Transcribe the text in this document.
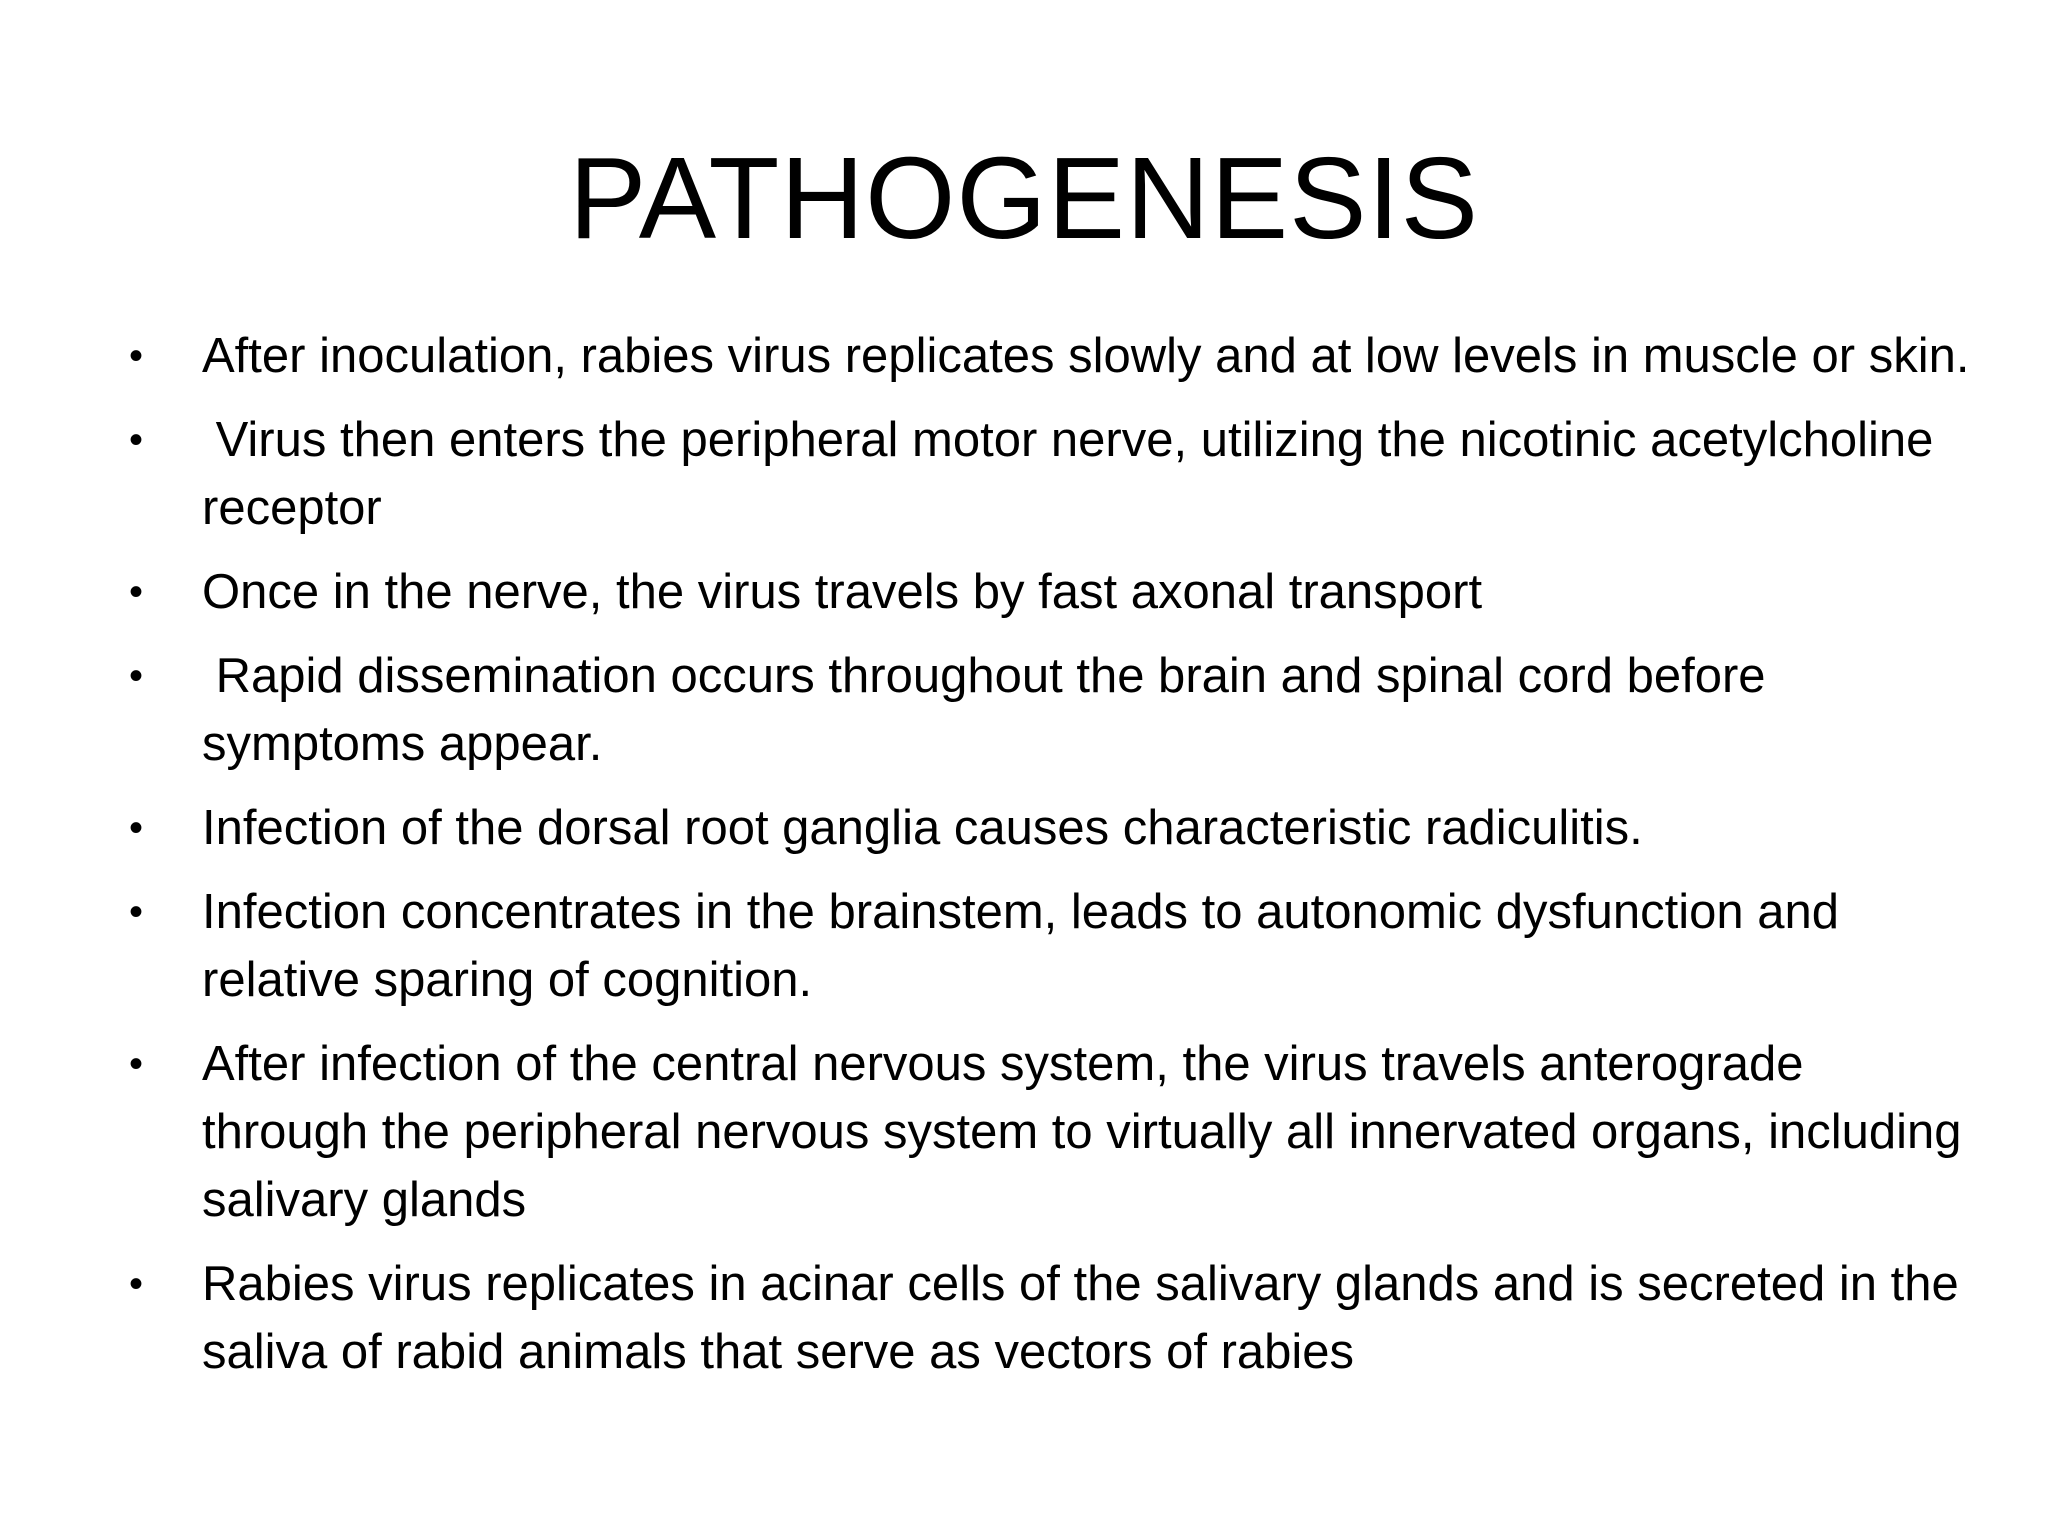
PATHOGENESIS
• After inoculation, rabies virus replicates slowly and at low levels in muscle or skin.
• Virus then enters the peripheral motor nerve, utilizing the nicotinic acetylcholine receptor
• Once in the nerve, the virus travels by fast axonal transport
• Rapid dissemination occurs throughout the brain and spinal cord before symptoms appear.
• Infection of the dorsal root ganglia causes characteristic radiculitis.
• Infection concentrates in the brainstem, leads to autonomic dysfunction and relative sparing of cognition.
• After infection of the central nervous system, the virus travels anterograde through the peripheral nervous system to virtually all innervated organs, including salivary glands
• Rabies virus replicates in acinar cells of the salivary glands and is secreted in the saliva of rabid animals that serve as vectors of rabies
